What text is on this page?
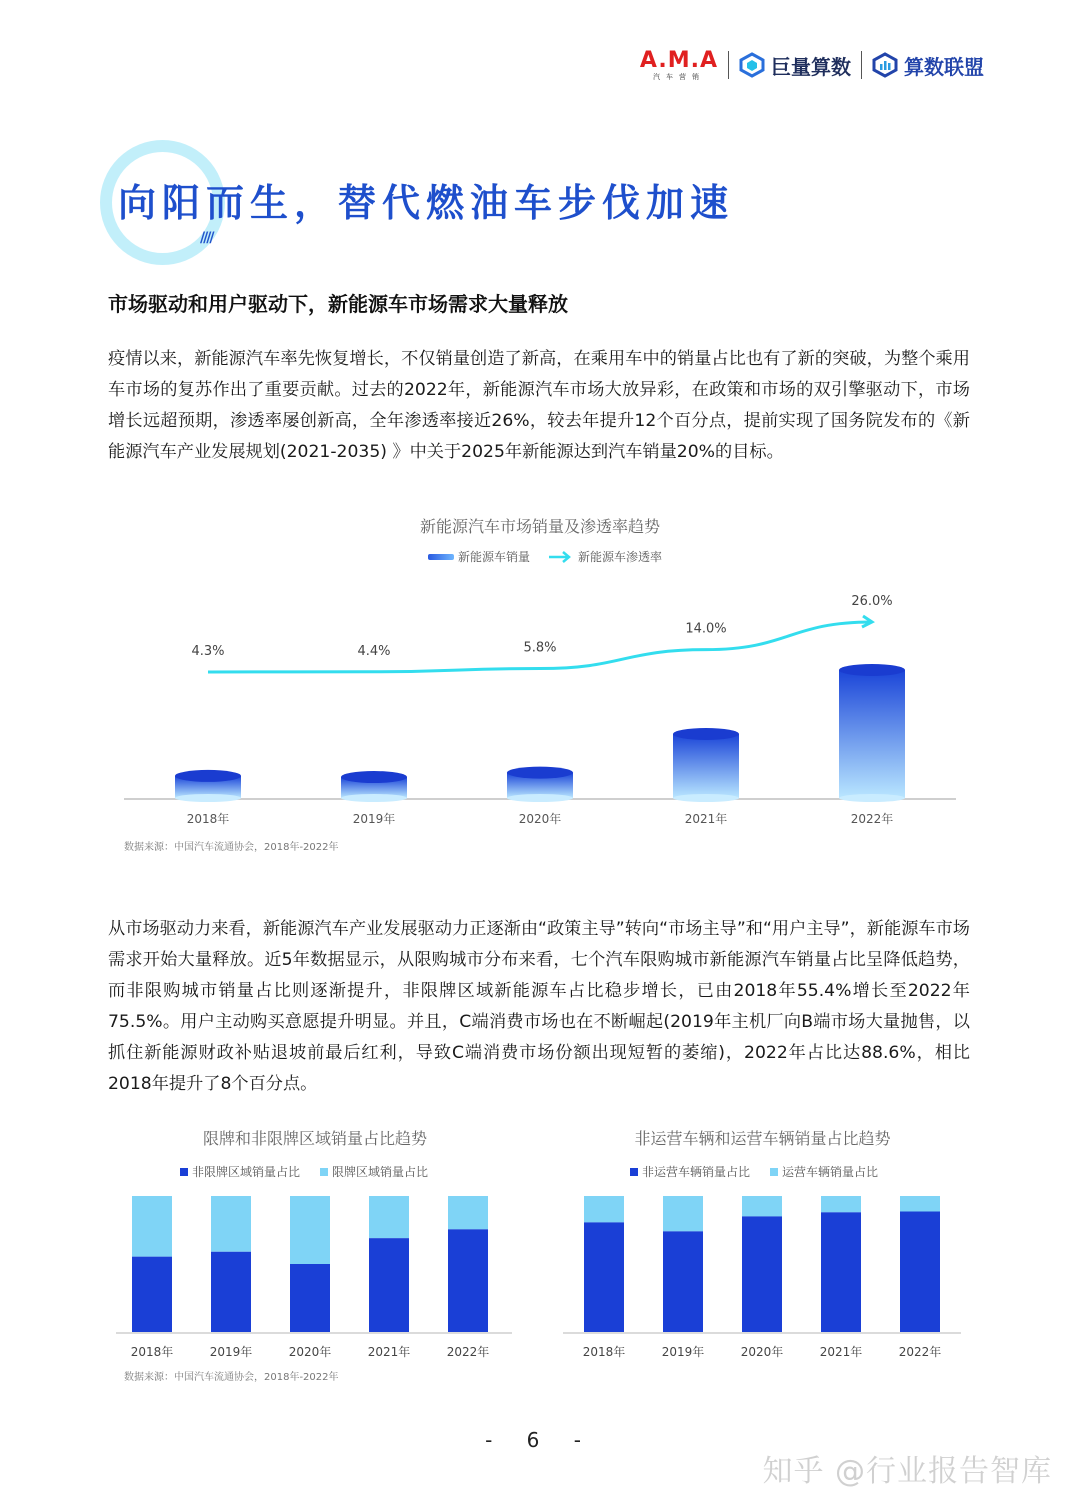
A.M.A
汽车营销	巨量算数	算数联盟
向阳而生，替代燃油车步伐加速
////
市场驱动和用户驱动下，新能源车市场需求大量释放

疫情以来，新能源汽车率先恢复增长，不仅销量创造了新高，在乘用车中的销量占比也有了新的突破，为整个乘用车市场的复苏作出了重要贡献。过去的2022年，新能源汽车市场大放异彩，在政策和市场的双引擎驱动下，市场增长远超预期，渗透率屡创新高，全年渗透率接近26%，较去年提升12个百分点，提前实现了国务院发布的《新能源汽车产业发展规划(2021-2035) 》中关于2025年新能源达到汽车销量20%的目标。

新能源汽车市场销量及渗透率趋势
新能源车销量	新能源车渗透率
2018年
4.3%
2019年
4.4%
2020年
5.8%
2021年
14.0%
2022年
26.0%
数据来源：中国汽车流通协会，2018年-2022年

从市场驱动力来看，新能源汽车产业发展驱动力正逐渐由“政策主导”转向“市场主导”和“用户主导”，新能源车市场需求开始大量释放。近5年数据显示，从限购城市分布来看，七个汽车限购城市新能源汽车销量占比呈降低趋势，而非限购城市销量占比则逐渐提升，非限牌区域新能源车占比稳步增长，已由2018年55.4%增长至2022年75.5%。用户主动购买意愿提升明显。并且，C端消费市场也在不断崛起(2019年主机厂向B端市场大量抛售，以抓住新能源财政补贴退坡前最后红利，导致C端消费市场份额出现短暂的萎缩)，2022年占比达88.6%，相比2018年提升了8个百分点。

限牌和非限牌区域销量占比趋势
非限牌区域销量占比	限牌区域销量占比
2018年	2019年	2020年	2021年	2022年
数据来源：中国汽车流通协会，2018年-2022年
非运营车辆和运营车辆销量占比趋势
非运营车辆销量占比	运营车辆销量占比
2018年	2019年	2020年	2021年	2022年
- 6 -
知乎 @行业报告智库
